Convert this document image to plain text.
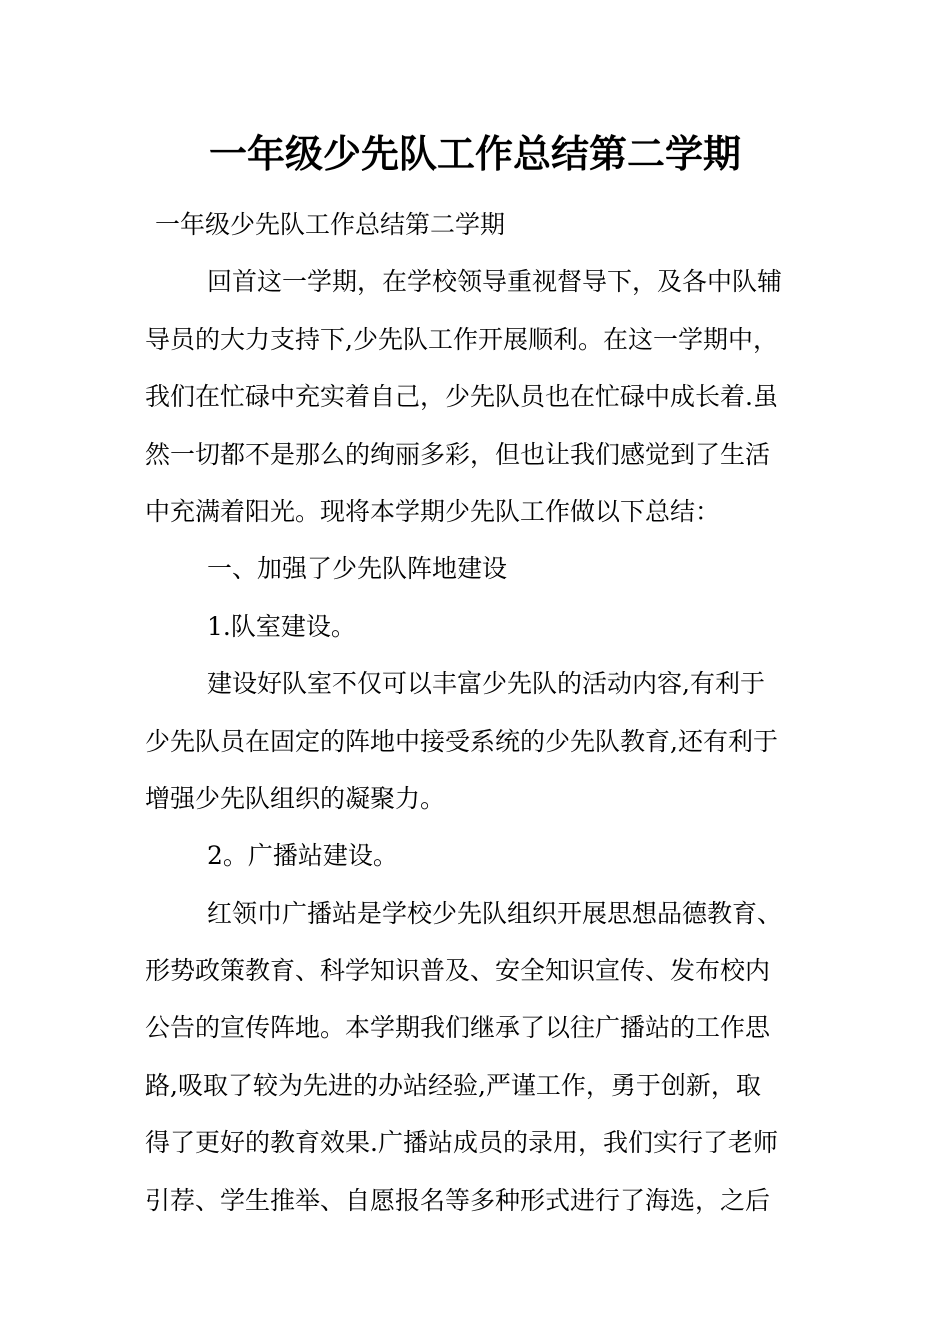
一年级少先队工作总结第二学期
一年级少先队工作总结第二学期
回首这一学期，在学校领导重视督导下，及各中队辅
导员的大力支持下,少先队工作开展顺利。在这一学期中，
我们在忙碌中充实着自己，少先队员也在忙碌中成长着.虽
然一切都不是那么的绚丽多彩，但也让我们感觉到了生活
中充满着阳光。现将本学期少先队工作做以下总结：
一、加强了少先队阵地建设
1.队室建设。
建设好队室不仅可以丰富少先队的活动内容,有利于
少先队员在固定的阵地中接受系统的少先队教育,还有利于
增强少先队组织的凝聚力。
2。广播站建设。
红领巾广播站是学校少先队组织开展思想品德教育、
形势政策教育、科学知识普及、安全知识宣传、发布校内
公告的宣传阵地。本学期我们继承了以往广播站的工作思
路,吸取了较为先进的办站经验,严谨工作，勇于创新，取
得了更好的教育效果.广播站成员的录用，我们实行了老师
引荐、学生推举、自愿报名等多种形式进行了海选，之后
